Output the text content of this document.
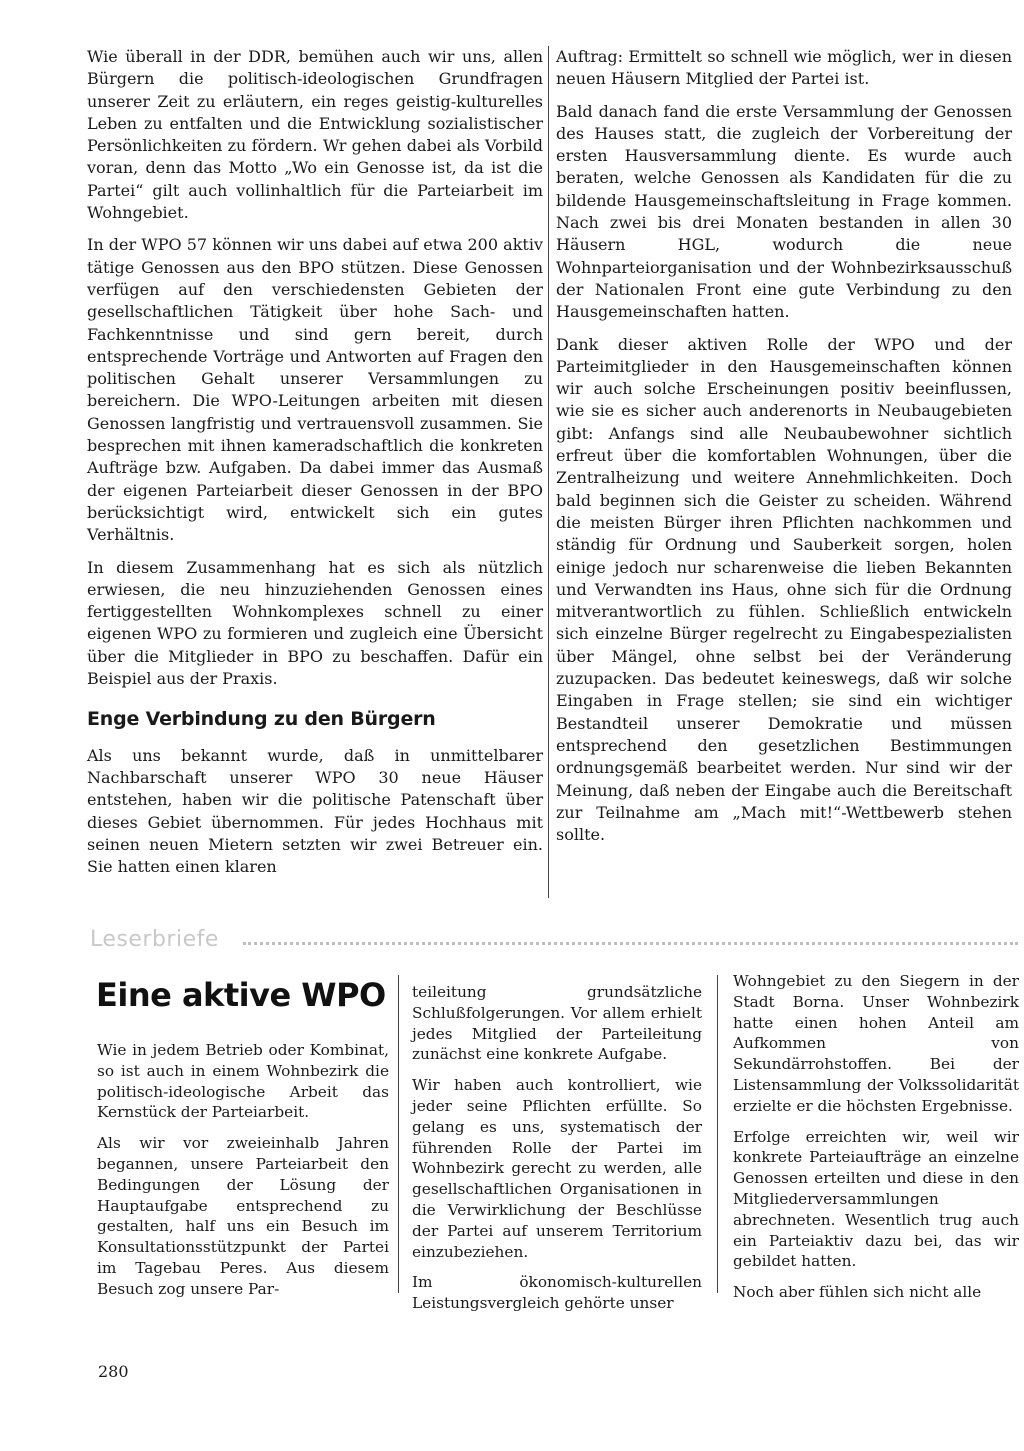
Wie überall in der DDR, bemühen auch wir uns, allen Bürgern die politisch-ideologischen Grundfragen unserer Zeit zu erläutern, ein reges geistig-kulturelles Leben zu entfalten und die Entwicklung sozialistischer Persönlichkeiten zu fördern. Wr gehen dabei als Vorbild voran, denn das Motto „Wo ein Genosse ist, da ist die Partei“ gilt auch vollinhaltlich für die Parteiarbeit im Wohngebiet.

In der WPO 57 können wir uns dabei auf etwa 200 aktiv tätige Genossen aus den BPO stützen. Diese Genossen verfügen auf den verschiedensten Gebieten der gesellschaftlichen Tätigkeit über hohe Sach- und Fachkenntnisse und sind gern bereit, durch entsprechende Vorträge und Antworten auf Fragen den politischen Gehalt unserer Versammlungen zu bereichern. Die WPO-Leitungen arbeiten mit diesen Genossen langfristig und vertrauensvoll zusammen. Sie besprechen mit ihnen kameradschaftlich die konkreten Aufträge bzw. Aufgaben. Da dabei immer das Ausmaß der eigenen Parteiarbeit dieser Genossen in der BPO berücksichtigt wird, entwickelt sich ein gutes Verhältnis.

In diesem Zusammenhang hat es sich als nützlich erwiesen, die neu hinzuziehenden Genossen eines fertiggestellten Wohnkomplexes schnell zu einer eigenen WPO zu formieren und zugleich eine Übersicht über die Mitglieder in BPO zu beschaffen. Dafür ein Beispiel aus der Praxis.

Enge Verbindung zu den Bürgern

Als uns bekannt wurde, daß in unmittelbarer Nachbarschaft unserer WPO 30 neue Häuser entstehen, haben wir die politische Patenschaft über dieses Gebiet übernommen. Für jedes Hochhaus mit seinen neuen Mietern setzten wir zwei Betreuer ein. Sie hatten einen klaren

Auftrag: Ermittelt so schnell wie möglich, wer in diesen neuen Häusern Mitglied der Partei ist.

Bald danach fand die erste Versammlung der Genossen des Hauses statt, die zugleich der Vorbereitung der ersten Hausversammlung diente. Es wurde auch beraten, welche Genossen als Kandidaten für die zu bildende Hausgemeinschaftsleitung in Frage kommen. Nach zwei bis drei Monaten bestanden in allen 30 Häusern HGL, wodurch die neue Wohnparteiorganisation und der Wohnbezirksausschuß der Nationalen Front eine gute Verbindung zu den Hausgemeinschaften hatten.

Dank dieser aktiven Rolle der WPO und der Parteimitglieder in den Hausgemeinschaften können wir auch solche Erscheinungen positiv beeinflussen, wie sie es sicher auch anderenorts in Neubaugebieten gibt: Anfangs sind alle Neubaubewohner sichtlich erfreut über die komfortablen Wohnungen, über die Zentralheizung und weitere Annehmlichkeiten. Doch bald beginnen sich die Geister zu scheiden. Während die meisten Bürger ihren Pflichten nachkommen und ständig für Ordnung und Sauberkeit sorgen, holen einige jedoch nur scharenweise die lieben Bekannten und Verwandten ins Haus, ohne sich für die Ordnung mitverantwortlich zu fühlen. Schließlich entwickeln sich einzelne Bürger regelrecht zu Eingabespezialisten über Mängel, ohne selbst bei der Veränderung zuzupacken. Das bedeutet keineswegs, daß wir solche Eingaben in Frage stellen; sie sind ein wichtiger Bestandteil unserer Demokratie und müssen entsprechend den gesetzlichen Bestimmungen ordnungsgemäß bearbeitet werden. Nur sind wir der Meinung, daß neben der Eingabe auch die Bereitschaft zur Teilnahme am „Mach mit!“-Wettbewerb stehen sollte.

Leserbriefe
Eine aktive WPO

Wie in jedem Betrieb oder Kombinat, so ist auch in einem Wohnbezirk die politisch-ideologische Arbeit das Kernstück der Parteiarbeit.

Als wir vor zweieinhalb Jahren begannen, unsere Parteiarbeit den Bedingungen der Lösung der Hauptaufgabe entsprechend zu gestalten, half uns ein Besuch im Konsultationsstützpunkt der Partei im Tagebau Peres. Aus diesem Besuch zog unsere Par-

teileitung grundsätzliche Schlußfolgerungen. Vor allem erhielt jedes Mitglied der Parteileitung zunächst eine konkrete Aufgabe.

Wir haben auch kontrolliert, wie jeder seine Pflichten erfüllte. So gelang es uns, systematisch der führenden Rolle der Partei im Wohnbezirk gerecht zu werden, alle gesellschaftlichen Organisationen in die Verwirklichung der Beschlüsse der Partei auf unserem Territorium einzubeziehen.

Im ökonomisch-kulturellen Leistungsvergleich gehörte unser

Wohngebiet zu den Siegern in der Stadt Borna. Unser Wohnbezirk hatte einen hohen Anteil am Aufkommen von Sekundärrohstoffen. Bei der Listensammlung der Volkssolidarität erzielte er die höchsten Ergebnisse.

Erfolge erreichten wir, weil wir konkrete Parteiaufträge an einzelne Genossen erteilten und diese in den Mitgliederversammlungen abrechneten. Wesentlich trug auch ein Parteiaktiv dazu bei, das wir gebildet hatten.

Noch aber fühlen sich nicht alle

280
